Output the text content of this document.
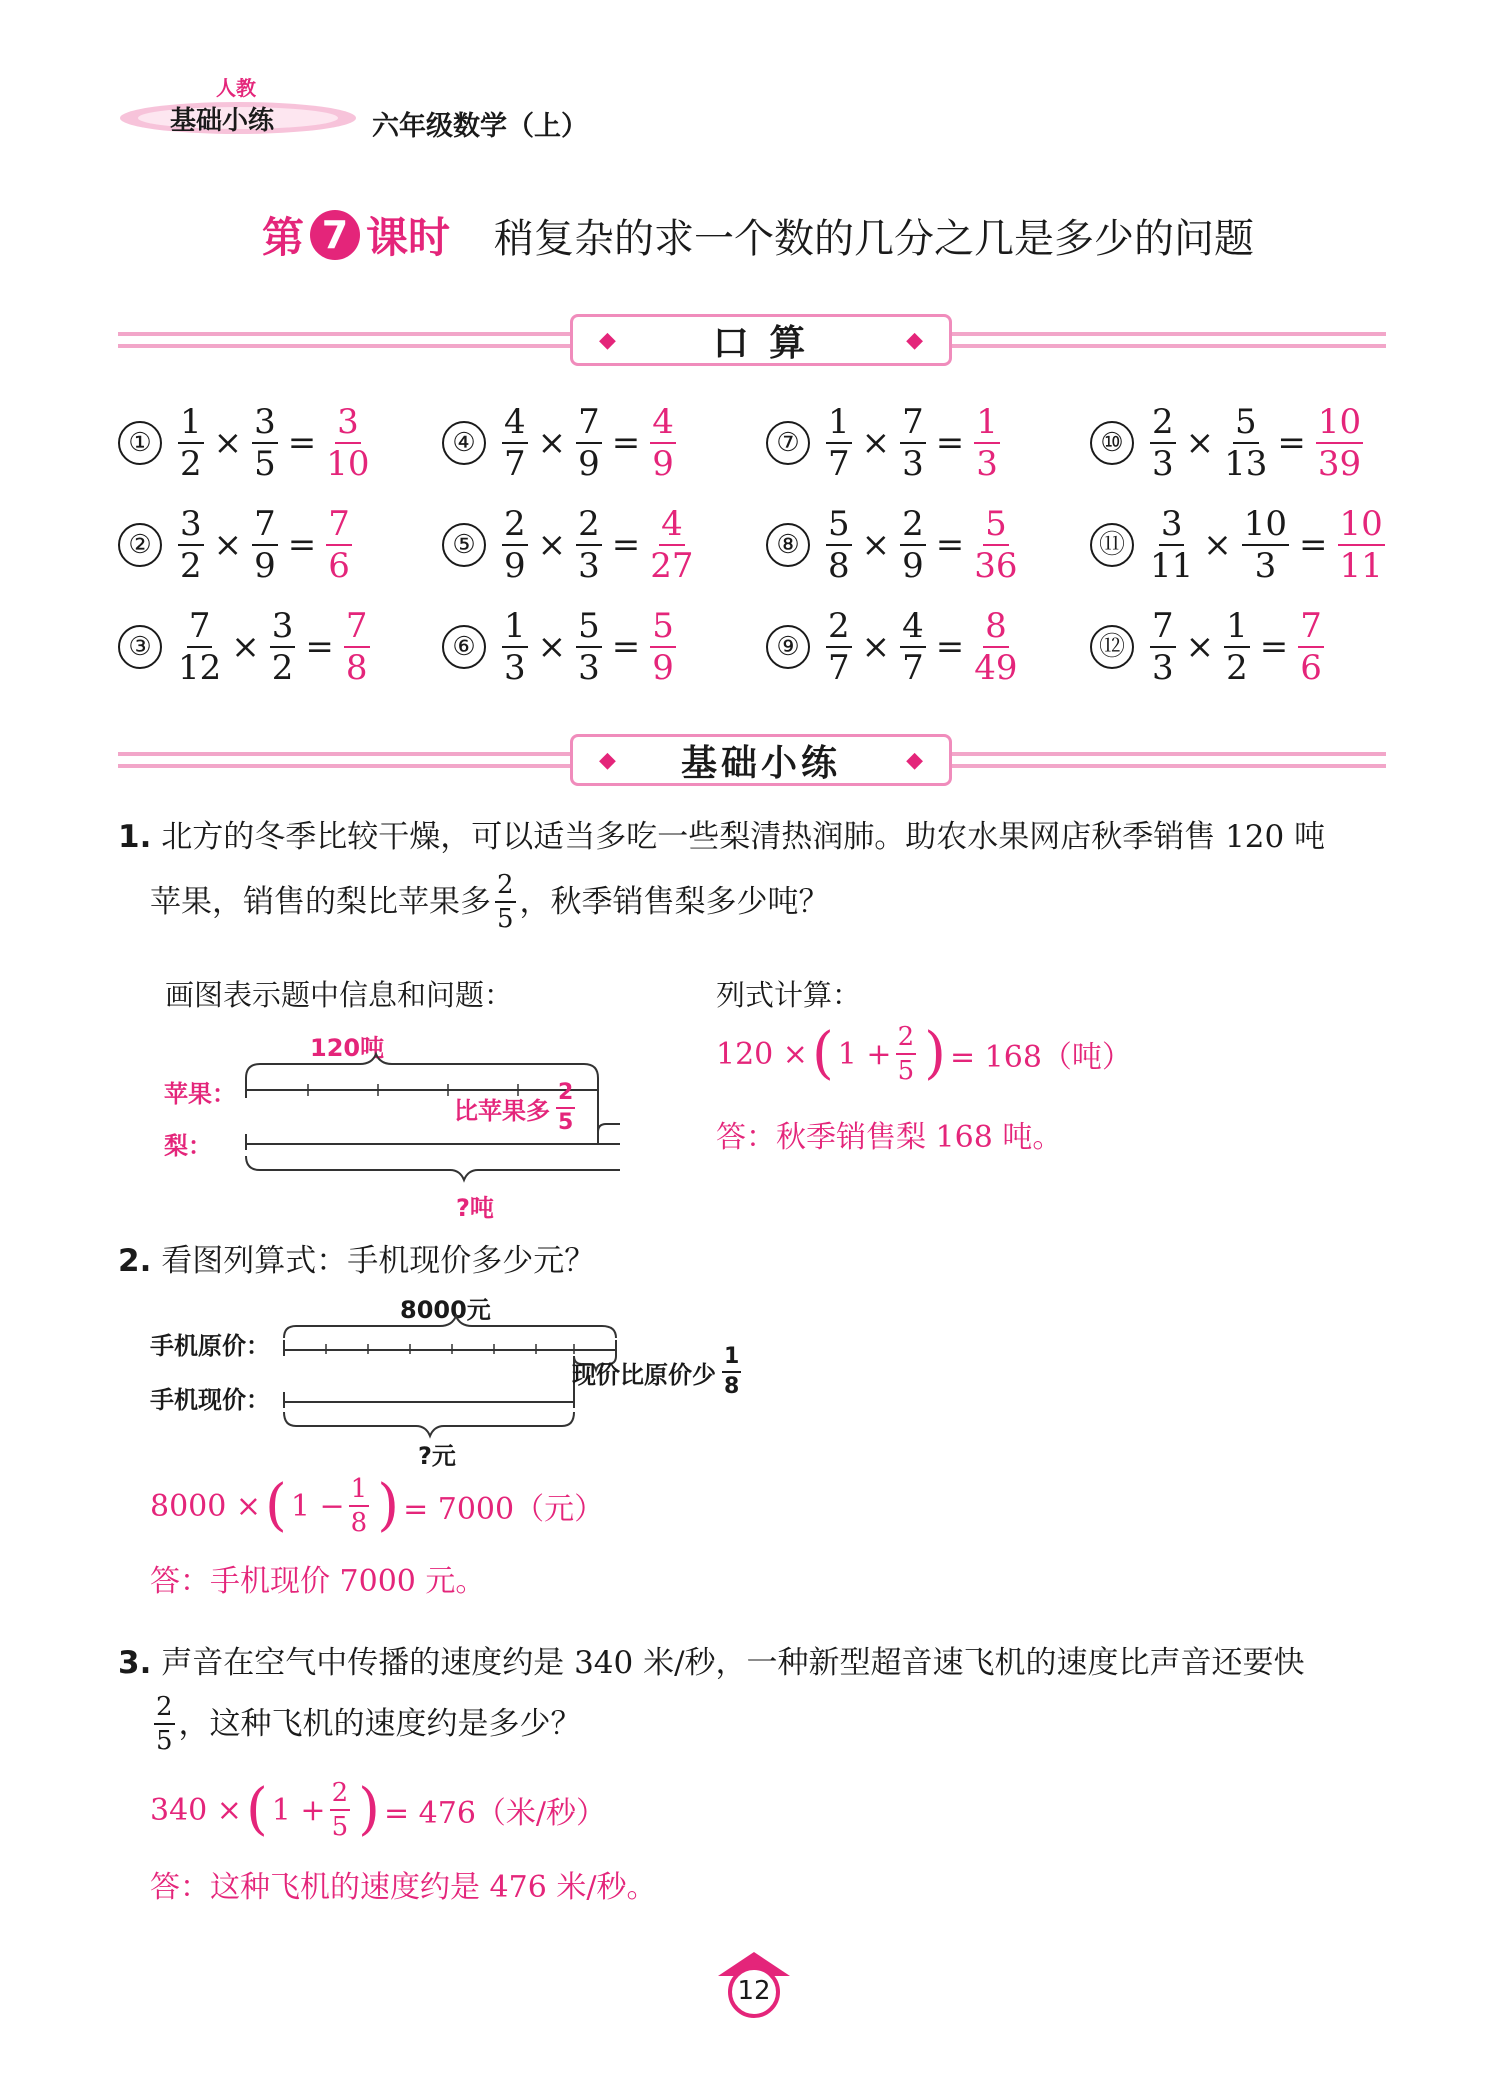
人教
基础小练	六年级数学（上）
第 7 课时 稍复杂的求一个数的几分之几是多少的问题
◆	口 算	◆
① $\frac{1}{2} \times \frac{3}{5} = \frac{3}{10}$
② $\frac{3}{2} \times \frac{7}{9} = \frac{7}{6}$
③ $\frac{7}{12} \times \frac{3}{2} = \frac{7}{8}$
④ $\frac{4}{7} \times \frac{7}{9} = \frac{4}{9}$
⑤ $\frac{2}{9} \times \frac{2}{3} = \frac{4}{27}$
⑥ $\frac{1}{3} \times \frac{5}{3} = \frac{5}{9}$
⑦ $\frac{1}{7} \times \frac{7}{3} = \frac{1}{3}$
⑧ $\frac{5}{8} \times \frac{2}{9} = \frac{5}{36}$
⑨ $\frac{2}{7} \times \frac{4}{7} = \frac{8}{49}$
⑩ $\frac{2}{3} \times \frac{5}{13} = \frac{10}{39}$
⑪ $\frac{3}{11} \times \frac{10}{3} = \frac{10}{11}$
⑫ $\frac{7}{3} \times \frac{1}{2} = \frac{7}{6}$
◆ 基础小练	◆
1. 北方的冬季比较干燥，可以适当多吃一些梨清热润肺。助农水果网店秋季销售 120 吨
苹果，销售的梨比苹果多 $\frac{2}{5}$ ，秋季销售梨多少吨？
画图表示题中信息和问题：	列式计算：
120吨
苹果：
梨：
?吨
比苹果多 $\frac{2}{5}$
120 × ( $1 + \frac{2}{5}$ ) = 168（吨）
答：秋季销售梨 168 吨。
2. 看图列算式：手机现价多少元？
8000元
手机原价：
手机现价：
?元
现价比原价少 $\frac{1}{8}$
8000 × ( $1 - \frac{1}{8}$ ) = 7000（元）
答：手机现价 7000 元。
3. 声音在空气中传播的速度约是 340 米/秒，一种新型超音速飞机的速度比声音还要快
$\frac{2}{5}$ ，这种飞机的速度约是多少？
340 × ( $1 + \frac{2}{5}$ ) = 476（米/秒）
答：这种飞机的速度约是 476 米/秒。
12
